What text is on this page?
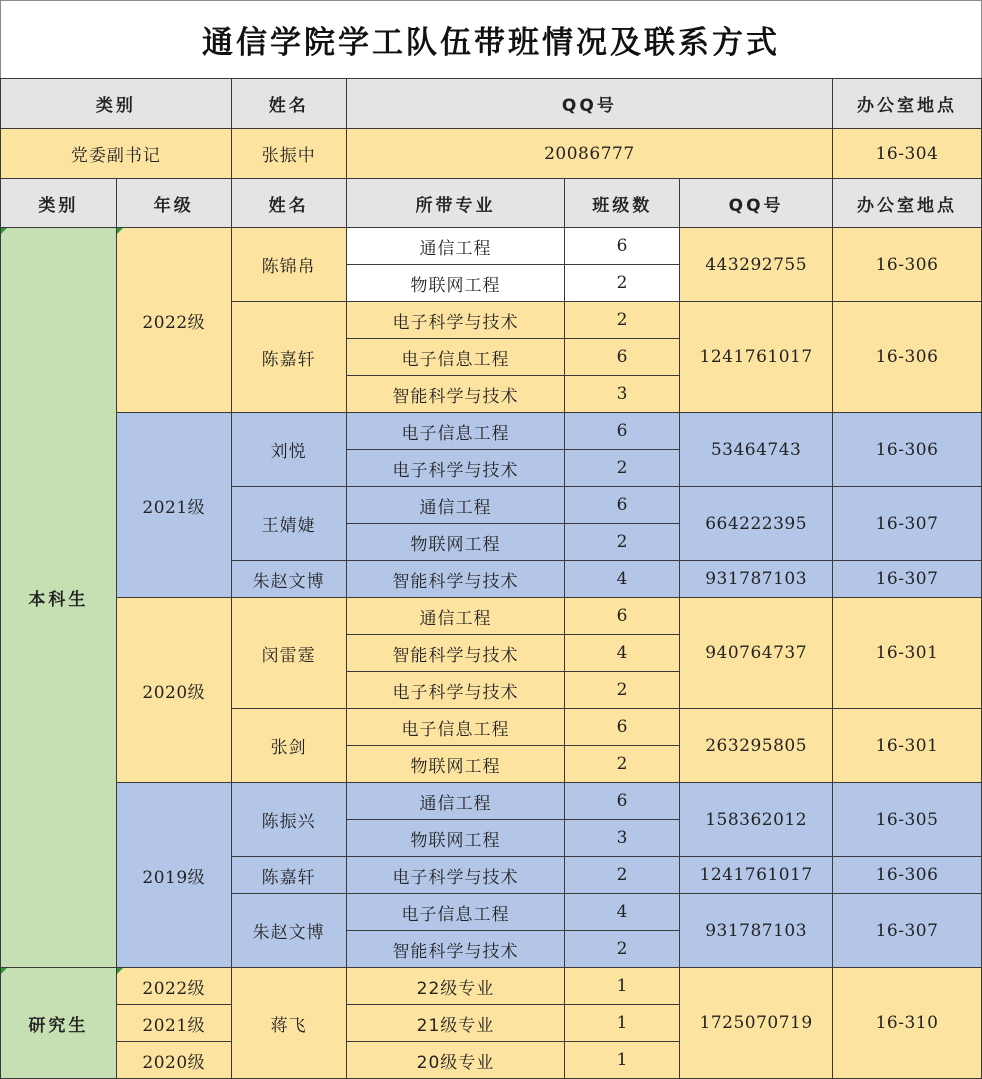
通信学院学工队伍带班情况及联系方式
类别	姓名	QQ号	办公室地点
党委副书记	张振中	20086777	16-304
类别	年级	姓名	所带专业	班级数	QQ号	办公室地点
本科生	2022级	陈锦帛	通信工程	6	443292755	16-306
			物联网工程	2		
		陈嘉轩	电子科学与技术	2	1241761017	16-306
			电子信息工程	6		
			智能科学与技术	3		
	2021级	刘悦	电子信息工程	6	53464743	16-306
			电子科学与技术	2		
		王婧婕	通信工程	6	664222395	16-307
			物联网工程	2		
		朱赵文博	智能科学与技术	4	931787103	16-307
	2020级	闵雷霆	通信工程	6	940764737	16-301
			智能科学与技术	4		
			电子科学与技术	2		
		张剑	电子信息工程	6	263295805	16-301
			物联网工程	2		
	2019级	陈振兴	通信工程	6	158362012	16-305
			物联网工程	3		
		陈嘉轩	电子科学与技术	2	1241761017	16-306
		朱赵文博	电子信息工程	4	931787103	16-307
			智能科学与技术	2		
研究生	2022级	蒋飞	22级专业	1	1725070719	16-310
	2021级		21级专业	1		
	2020级		20级专业	1		
